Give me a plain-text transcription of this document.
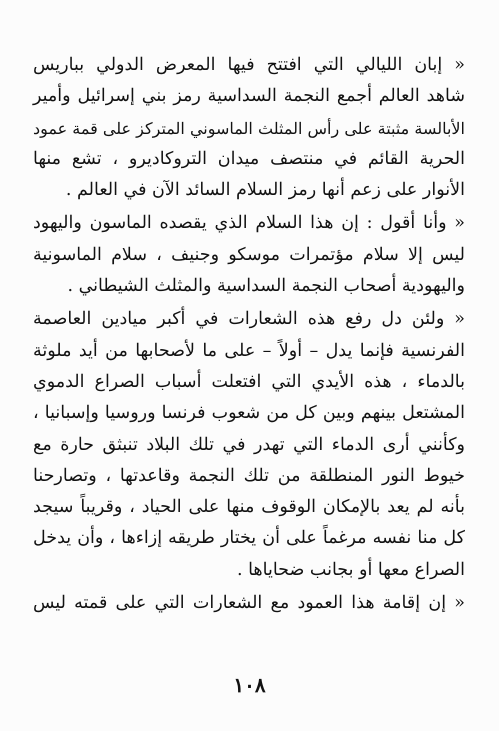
« إبان الليالي التي افتتح فيها المعرض الدولي بباريس
شاهد العالم أجمع النجمة السداسية رمز بني إسرائيل وأمير
الأبالسة مثبتة على رأس المثلث الماسوني المتركز على قمة عمود
الحرية القائم في منتصف ميدان التروكاديرو ، تشع منها
الأنوار على زعم أنها رمز السلام السائد الآن في العالم .

« وأنا أقول : إن هذا السلام الذي يقصده الماسون واليهود
ليس إلا سلام مؤتمرات موسكو وجنيف ، سلام الماسونية
واليهودية أصحاب النجمة السداسية والمثلث الشيطاني .

« ولئن دل رفع هذه الشعارات في أكبر ميادين العاصمة
الفرنسية فإنما يدل – أولاً – على ما لأصحابها من أيد ملوثة
بالدماء ، هذه الأيدي التي افتعلت أسباب الصراع الدموي
المشتعل بينهم وبين كل من شعوب فرنسا وروسيا وإسبانيا ،
وكأنني أرى الدماء التي تهدر في تلك البلاد تنبثق حارة مع
خيوط النور المنطلقة من تلك النجمة وقاعدتها ، وتصارحنا
بأنه لم يعد بالإمكان الوقوف منها على الحياد ، وقريباً سيجد
كل منا نفسه مرغماً على أن يختار طريقه إزاءها ، وأن يدخل
الصراع معها أو بجانب ضحاياها .

« إن إقامة هذا العمود مع الشعارات التي على قمته ليس

١٠٨
